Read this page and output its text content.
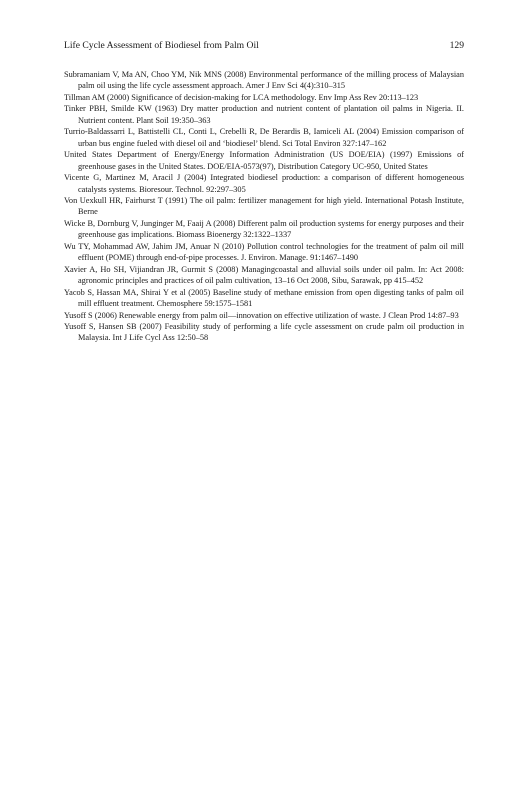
Life Cycle Assessment of Biodiesel from Palm Oil	129
Subramaniam V, Ma AN, Choo YM, Nik MNS (2008) Environmental performance of the milling process of Malaysian palm oil using the life cycle assessment approach. Amer J Env Sci 4(4):310–315
Tillman AM (2000) Significance of decision-making for LCA methodology. Env Imp Ass Rev 20:113–123
Tinker PBH, Smilde KW (1963) Dry matter production and nutrient content of plantation oil palms in Nigeria. II. Nutrient content. Plant Soil 19:350–363
Turrio-Baldassarri L, Battistelli CL, Conti L, Crebelli R, De Berardis B, Iamiceli AL (2004) Emission comparison of urban bus engine fueled with diesel oil and ‘biodiesel’ blend. Sci Total Environ 327:147–162
United States Department of Energy/Energy Information Administration (US DOE/EIA) (1997) Emissions of greenhouse gases in the United States. DOE/EIA-0573(97), Distribution Category UC-950, United States
Vicente G, Martinez M, Aracil J (2004) Integrated biodiesel production: a comparison of different homogeneous catalysts systems. Bioresour. Technol. 92:297–305
Von Uexkull HR, Fairhurst T (1991) The oil palm: fertilizer management for high yield. International Potash Institute, Berne
Wicke B, Dornburg V, Junginger M, Faaij A (2008) Different palm oil production systems for energy purposes and their greenhouse gas implications. Biomass Bioenergy 32:1322–1337
Wu TY, Mohammad AW, Jahim JM, Anuar N (2010) Pollution control technologies for the treatment of palm oil mill effluent (POME) through end-of-pipe processes. J. Environ. Manage. 91:1467–1490
Xavier A, Ho SH, Vijiandran JR, Gurmit S (2008) Managingcoastal and alluvial soils under oil palm. In: Act 2008: agronomic principles and practices of oil palm cultivation, 13–16 Oct 2008, Sibu, Sarawak, pp 415–452
Yacob S, Hassan MA, Shirai Y et al (2005) Baseline study of methane emission from open digesting tanks of palm oil mill effluent treatment. Chemosphere 59:1575–1581
Yusoff S (2006) Renewable energy from palm oil—innovation on effective utilization of waste. J Clean Prod 14:87–93
Yusoff S, Hansen SB (2007) Feasibility study of performing a life cycle assessment on crude palm oil production in Malaysia. Int J Life Cycl Ass 12:50–58
